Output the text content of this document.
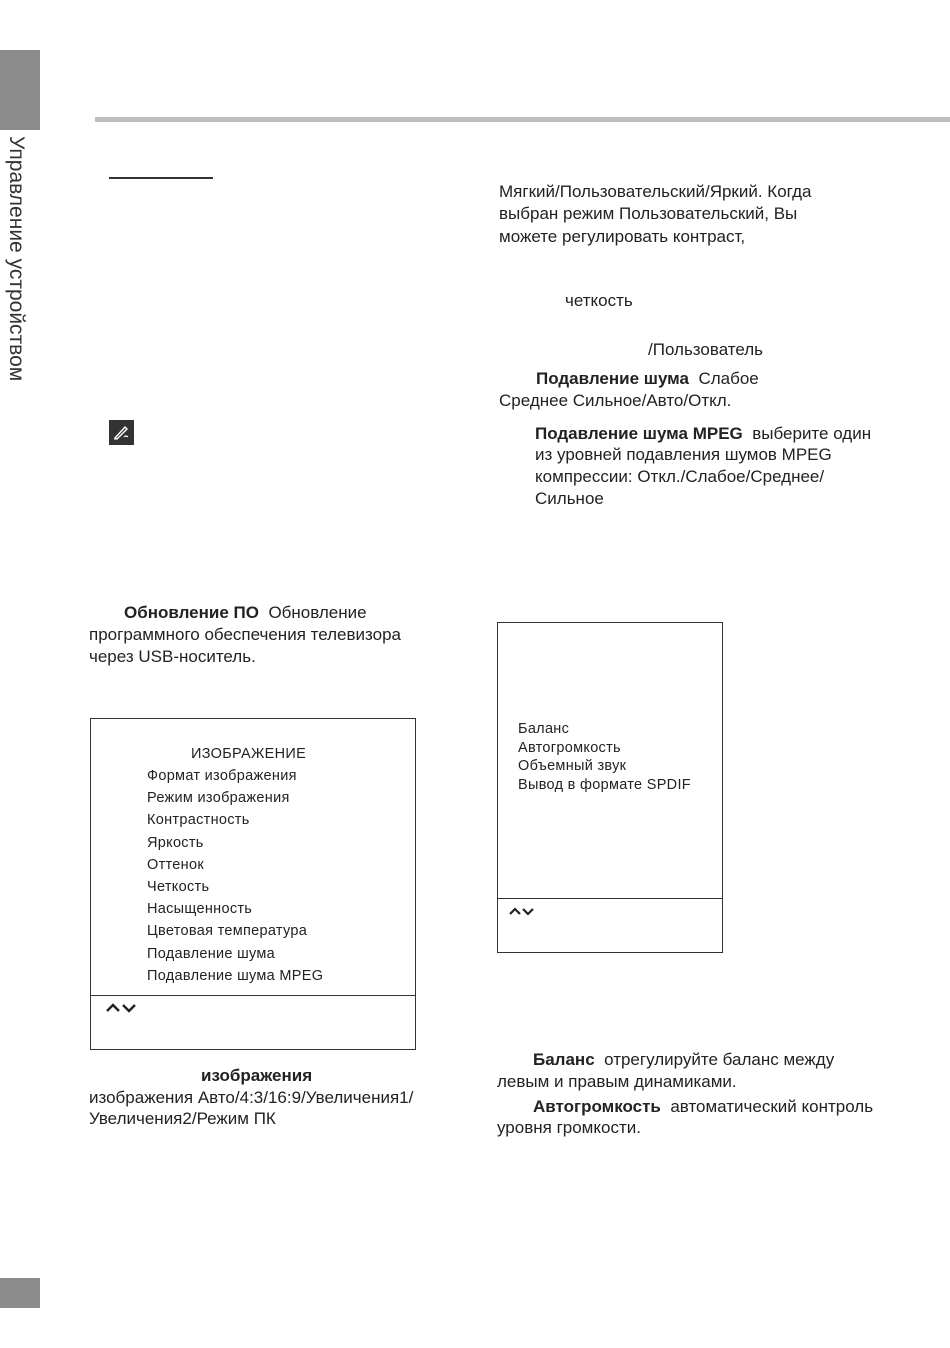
Управление устройством
Обновление ПО Обновление
программного обеспечения телевизора
через USB-носитель.
ИЗОБРАЖЕНИЕ
Формат изображения
Режим изображения
Контрастность
Яркость
Оттенок
Четкость
Насыщенность
Цветовая температура
Подавление шума
Подавление шума MPEG
изображения
изображения Авто/4:3/16:9/Увеличения1/
Увеличения2/Режим ПК
Мягкий/Пользовательский/Яркий. Когда
выбран режим Пользовательский, Вы
можете регулировать контраст,
четкость
/Пользователь
Подавление шума Слабое
Среднее Сильное/Авто/Откл.
Подавление шума MPEG выберите один
из уровней подавления шумов MPEG
компрессии: Откл./Слабое/Среднее/
Сильное
Баланс
Автогромкость
Объемный звук
Вывод в формате SPDIF
Баланс отрегулируйте баланс между
левым и правым динамиками.
Автогромкость автоматический контроль
уровня громкости.
